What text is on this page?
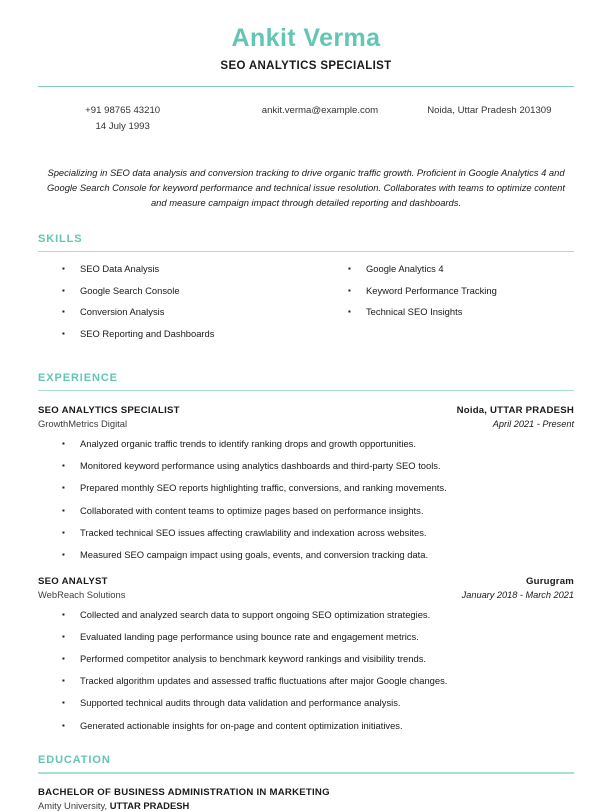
Ankit Verma
SEO ANALYTICS SPECIALIST
+91 98765 43210
14 July 1993
ankit.verma@example.com	Noida, Uttar Pradesh 201309
Specializing in SEO data analysis and conversion tracking to drive organic traffic growth. Proficient in Google Analytics 4 and Google Search Console for keyword performance and technical issue resolution. Collaborates with teams to optimize content and measure campaign impact through detailed reporting and dashboards.
SKILLS
▪ SEO Data Analysis
▪ Google Search Console
▪ Conversion Analysis
▪ SEO Reporting and Dashboards
▪ Google Analytics 4
▪ Keyword Performance Tracking
▪ Technical SEO Insights
EXPERIENCE
SEO ANALYTICS SPECIALIST	Noida, UTTAR PRADESH
GrowthMetrics Digital	April 2021 - Present
▪ Analyzed organic traffic trends to identify ranking drops and growth opportunities.
▪ Monitored keyword performance using analytics dashboards and third-party SEO tools.
▪ Prepared monthly SEO reports highlighting traffic, conversions, and ranking movements.
▪ Collaborated with content teams to optimize pages based on performance insights.
▪ Tracked technical SEO issues affecting crawlability and indexation across websites.
▪ Measured SEO campaign impact using goals, events, and conversion tracking data.
SEO ANALYST	Gurugram
WebReach Solutions	January 2018 - March 2021
▪ Collected and analyzed search data to support ongoing SEO optimization strategies.
▪ Evaluated landing page performance using bounce rate and engagement metrics.
▪ Performed competitor analysis to benchmark keyword rankings and visibility trends.
▪ Tracked algorithm updates and assessed traffic fluctuations after major Google changes.
▪ Supported technical audits through data validation and performance analysis.
▪ Generated actionable insights for on-page and content optimization initiatives.
EDUCATION
BACHELOR OF BUSINESS ADMINISTRATION IN MARKETING
Amity University, UTTAR PRADESH
